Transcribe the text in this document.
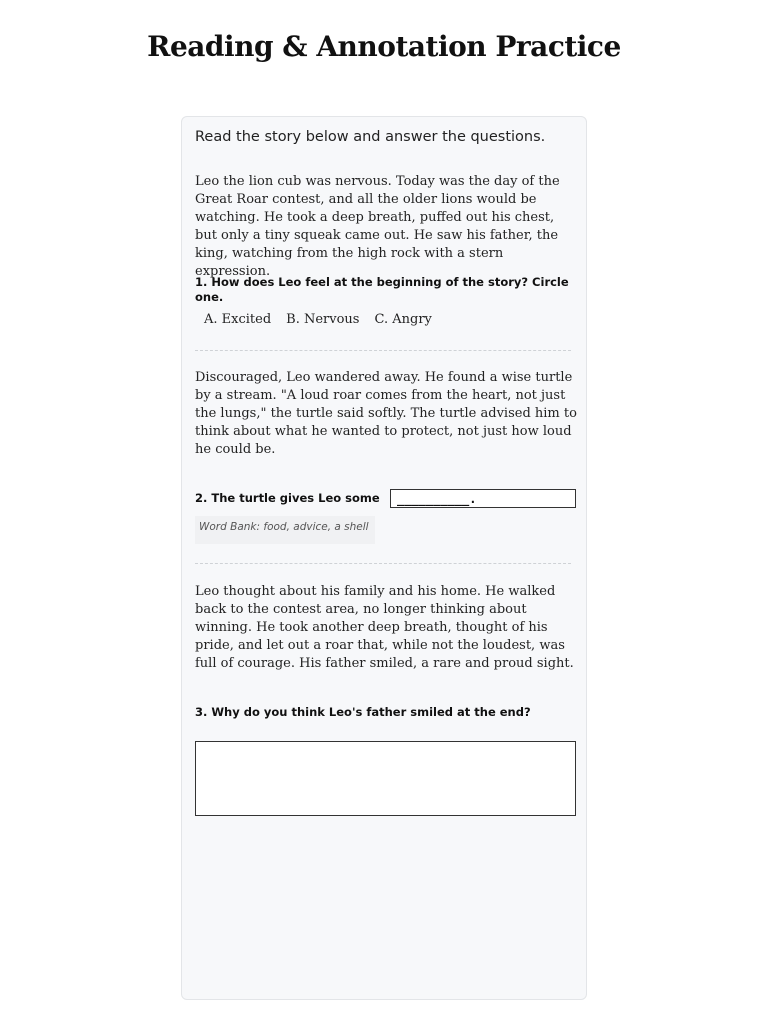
Reading & Annotation Practice

Read the story below and answer the questions.

Leo the lion cub was nervous. Today was the day of the Great Roar contest, and all the older lions would be watching. He took a deep breath, puffed out his chest, but only a tiny squeak came out. He saw his father, the king, watching from the high rock with a stern expression.

1. How does Leo feel at the beginning of the story? Circle one.

A. Excited B. Nervous C. Angry

Discouraged, Leo wandered away. He found a wise turtle by a stream. "A loud roar comes from the heart, not just the lungs," the turtle said softly. The turtle advised him to think about what he wanted to protect, not just how loud he could be.

2. The turtle gives Leo some	__________.
Word Bank: food, advice, a shell

Leo thought about his family and his home. He walked back to the contest area, no longer thinking about winning. He took another deep breath, thought of his pride, and let out a roar that, while not the loudest, was full of courage. His father smiled, a rare and proud sight.

3. Why do you think Leo's father smiled at the end?
